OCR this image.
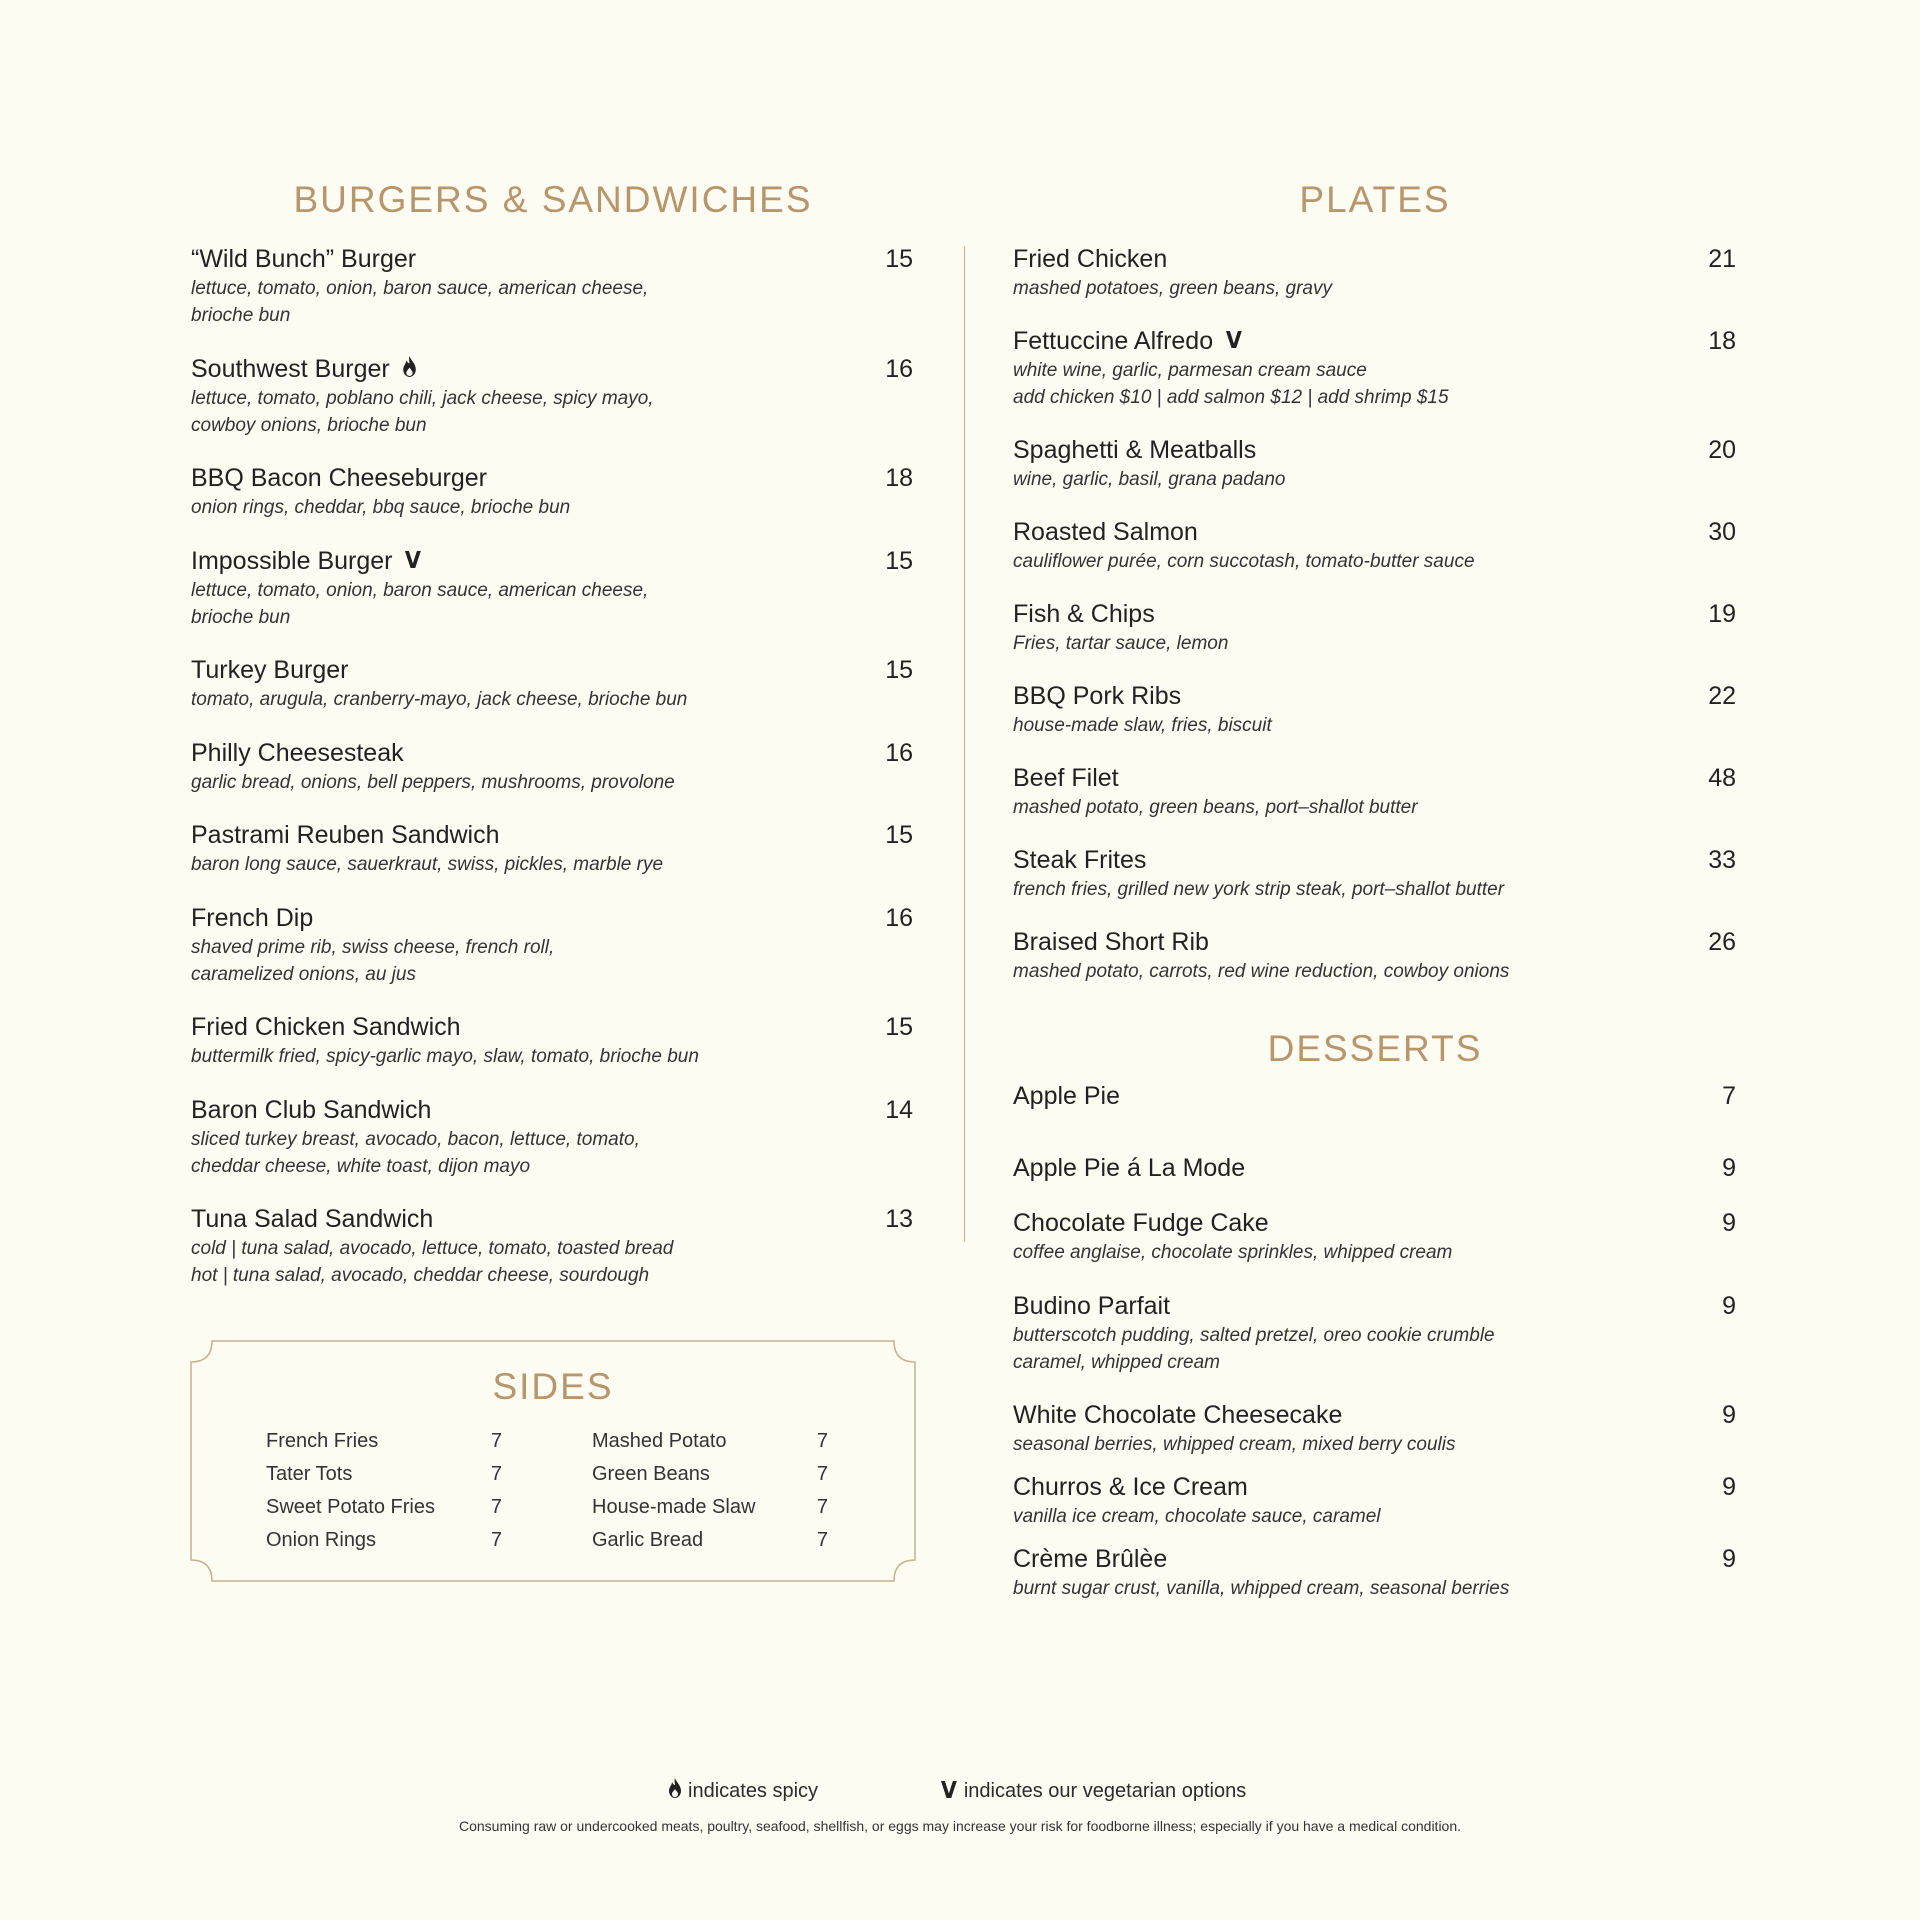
BURGERS & SANDWICHES	PLATES
DESSERTS
“Wild Bunch” Burger	15
lettuce, tomato, onion, baron sauce, american cheese,
brioche bun
Southwest Burger	16
lettuce, tomato, poblano chili, jack cheese, spicy mayo,
cowboy onions, brioche bun
BBQ Bacon Cheeseburger	18
onion rings, cheddar, bbq sauce, brioche bun
Impossible Burger V	15
lettuce, tomato, onion, baron sauce, american cheese,
brioche bun
Turkey Burger	15
tomato, arugula, cranberry-mayo, jack cheese, brioche bun
Philly Cheesesteak	16
garlic bread, onions, bell peppers, mushrooms, provolone
Pastrami Reuben Sandwich	15
baron long sauce, sauerkraut, swiss, pickles, marble rye
French Dip	16
shaved prime rib, swiss cheese, french roll,
caramelized onions, au jus
Fried Chicken Sandwich	15
buttermilk fried, spicy-garlic mayo, slaw, tomato, brioche bun
Baron Club Sandwich	14
sliced turkey breast, avocado, bacon, lettuce, tomato,
cheddar cheese, white toast, dijon mayo
Tuna Salad Sandwich	13
cold | tuna salad, avocado, lettuce, tomato, toasted bread
hot | tuna salad, avocado, cheddar cheese, sourdough
Fried Chicken	21
mashed potatoes, green beans, gravy
Fettuccine Alfredo V	18
white wine, garlic, parmesan cream sauce
add chicken $10 | add salmon $12 | add shrimp $15
Spaghetti & Meatballs	20
wine, garlic, basil, grana padano
Roasted Salmon	30
cauliflower purée, corn succotash, tomato-butter sauce
Fish & Chips	19
Fries, tartar sauce, lemon
BBQ Pork Ribs	22
house-made slaw, fries, biscuit
Beef Filet	48
mashed potato, green beans, port–shallot butter
Steak Frites	33
french fries, grilled new york strip steak, port–shallot butter
Braised Short Rib	26
mashed potato, carrots, red wine reduction, cowboy onions
Apple Pie	7
Apple Pie á La Mode	9
Chocolate Fudge Cake	9
coffee anglaise, chocolate sprinkles, whipped cream
Budino Parfait	9
butterscotch pudding, salted pretzel, oreo cookie crumble
caramel, whipped cream
White Chocolate Cheesecake	9
seasonal berries, whipped cream, mixed berry coulis
Churros & Ice Cream	9
vanilla ice cream, chocolate sauce, caramel
Crème Brûlèe	9
burnt sugar crust, vanilla, whipped cream, seasonal berries
SIDES
French Fries	7
Tater Tots	7
Sweet Potato Fries	7
Onion Rings	7
Mashed Potato	7
Green Beans	7
House-made Slaw	7
Garlic Bread	7
indicates spicy	V indicates our vegetarian options
Consuming raw or undercooked meats, poultry, seafood, shellfish, or eggs may increase your risk for foodborne illness; especially if you have a medical condition.
